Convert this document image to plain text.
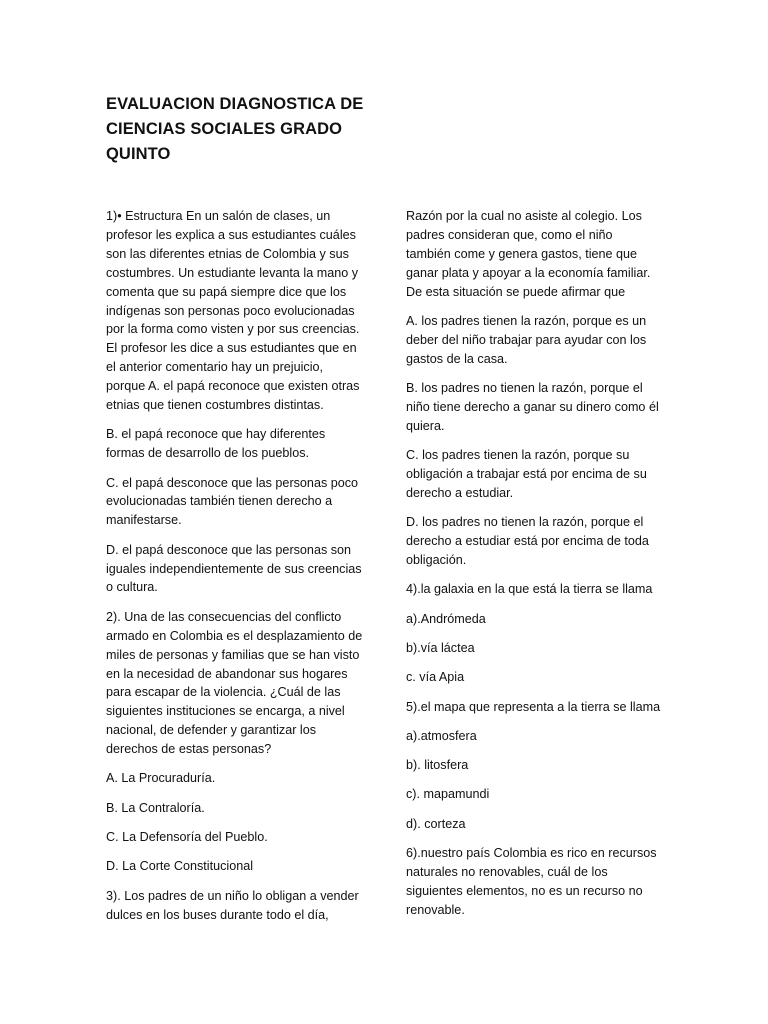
EVALUACION DIAGNOSTICA DE
CIENCIAS SOCIALES GRADO
QUINTO

1)• Estructura En un salón de clases, un
profesor les explica a sus estudiantes cuáles
son las diferentes etnias de Colombia y sus
costumbres. Un estudiante levanta la mano y
comenta que su papá siempre dice que los
indígenas son personas poco evolucionadas
por la forma como visten y por sus creencias.
El profesor les dice a sus estudiantes que en
el anterior comentario hay un prejuicio,
porque A. el papá reconoce que existen otras
etnias que tienen costumbres distintas.

B. el papá reconoce que hay diferentes
formas de desarrollo de los pueblos.

C. el papá desconoce que las personas poco
evolucionadas también tienen derecho a
manifestarse.

D. el papá desconoce que las personas son
iguales independientemente de sus creencias
o cultura.

2). Una de las consecuencias del conflicto
armado en Colombia es el desplazamiento de
miles de personas y familias que se han visto
en la necesidad de abandonar sus hogares
para escapar de la violencia. ¿Cuál de las
siguientes instituciones se encarga, a nivel
nacional, de defender y garantizar los
derechos de estas personas?

A. La Procuraduría.

B. La Contraloría.

C. La Defensoría del Pueblo.

D. La Corte Constitucional

3). Los padres de un niño lo obligan a vender
dulces en los buses durante todo el día,

Razón por la cual no asiste al colegio. Los
padres consideran que, como el niño
también come y genera gastos, tiene que
ganar plata y apoyar a la economía familiar.
De esta situación se puede afirmar que

A. los padres tienen la razón, porque es un
deber del niño trabajar para ayudar con los
gastos de la casa.

B. los padres no tienen la razón, porque el
niño tiene derecho a ganar su dinero como él
quiera.

C. los padres tienen la razón, porque su
obligación a trabajar está por encima de su
derecho a estudiar.

D. los padres no tienen la razón, porque el
derecho a estudiar está por encima de toda
obligación.

4).la galaxia en la que está la tierra se llama

a).Andrómeda

b).vía láctea

c. vía Apia

5).el mapa que representa a la tierra se llama

a).atmosfera

b). litosfera

c). mapamundi

d). corteza

6).nuestro país Colombia es rico en recursos
naturales no renovables, cuál de los
siguientes elementos, no es un recurso no
renovable.
